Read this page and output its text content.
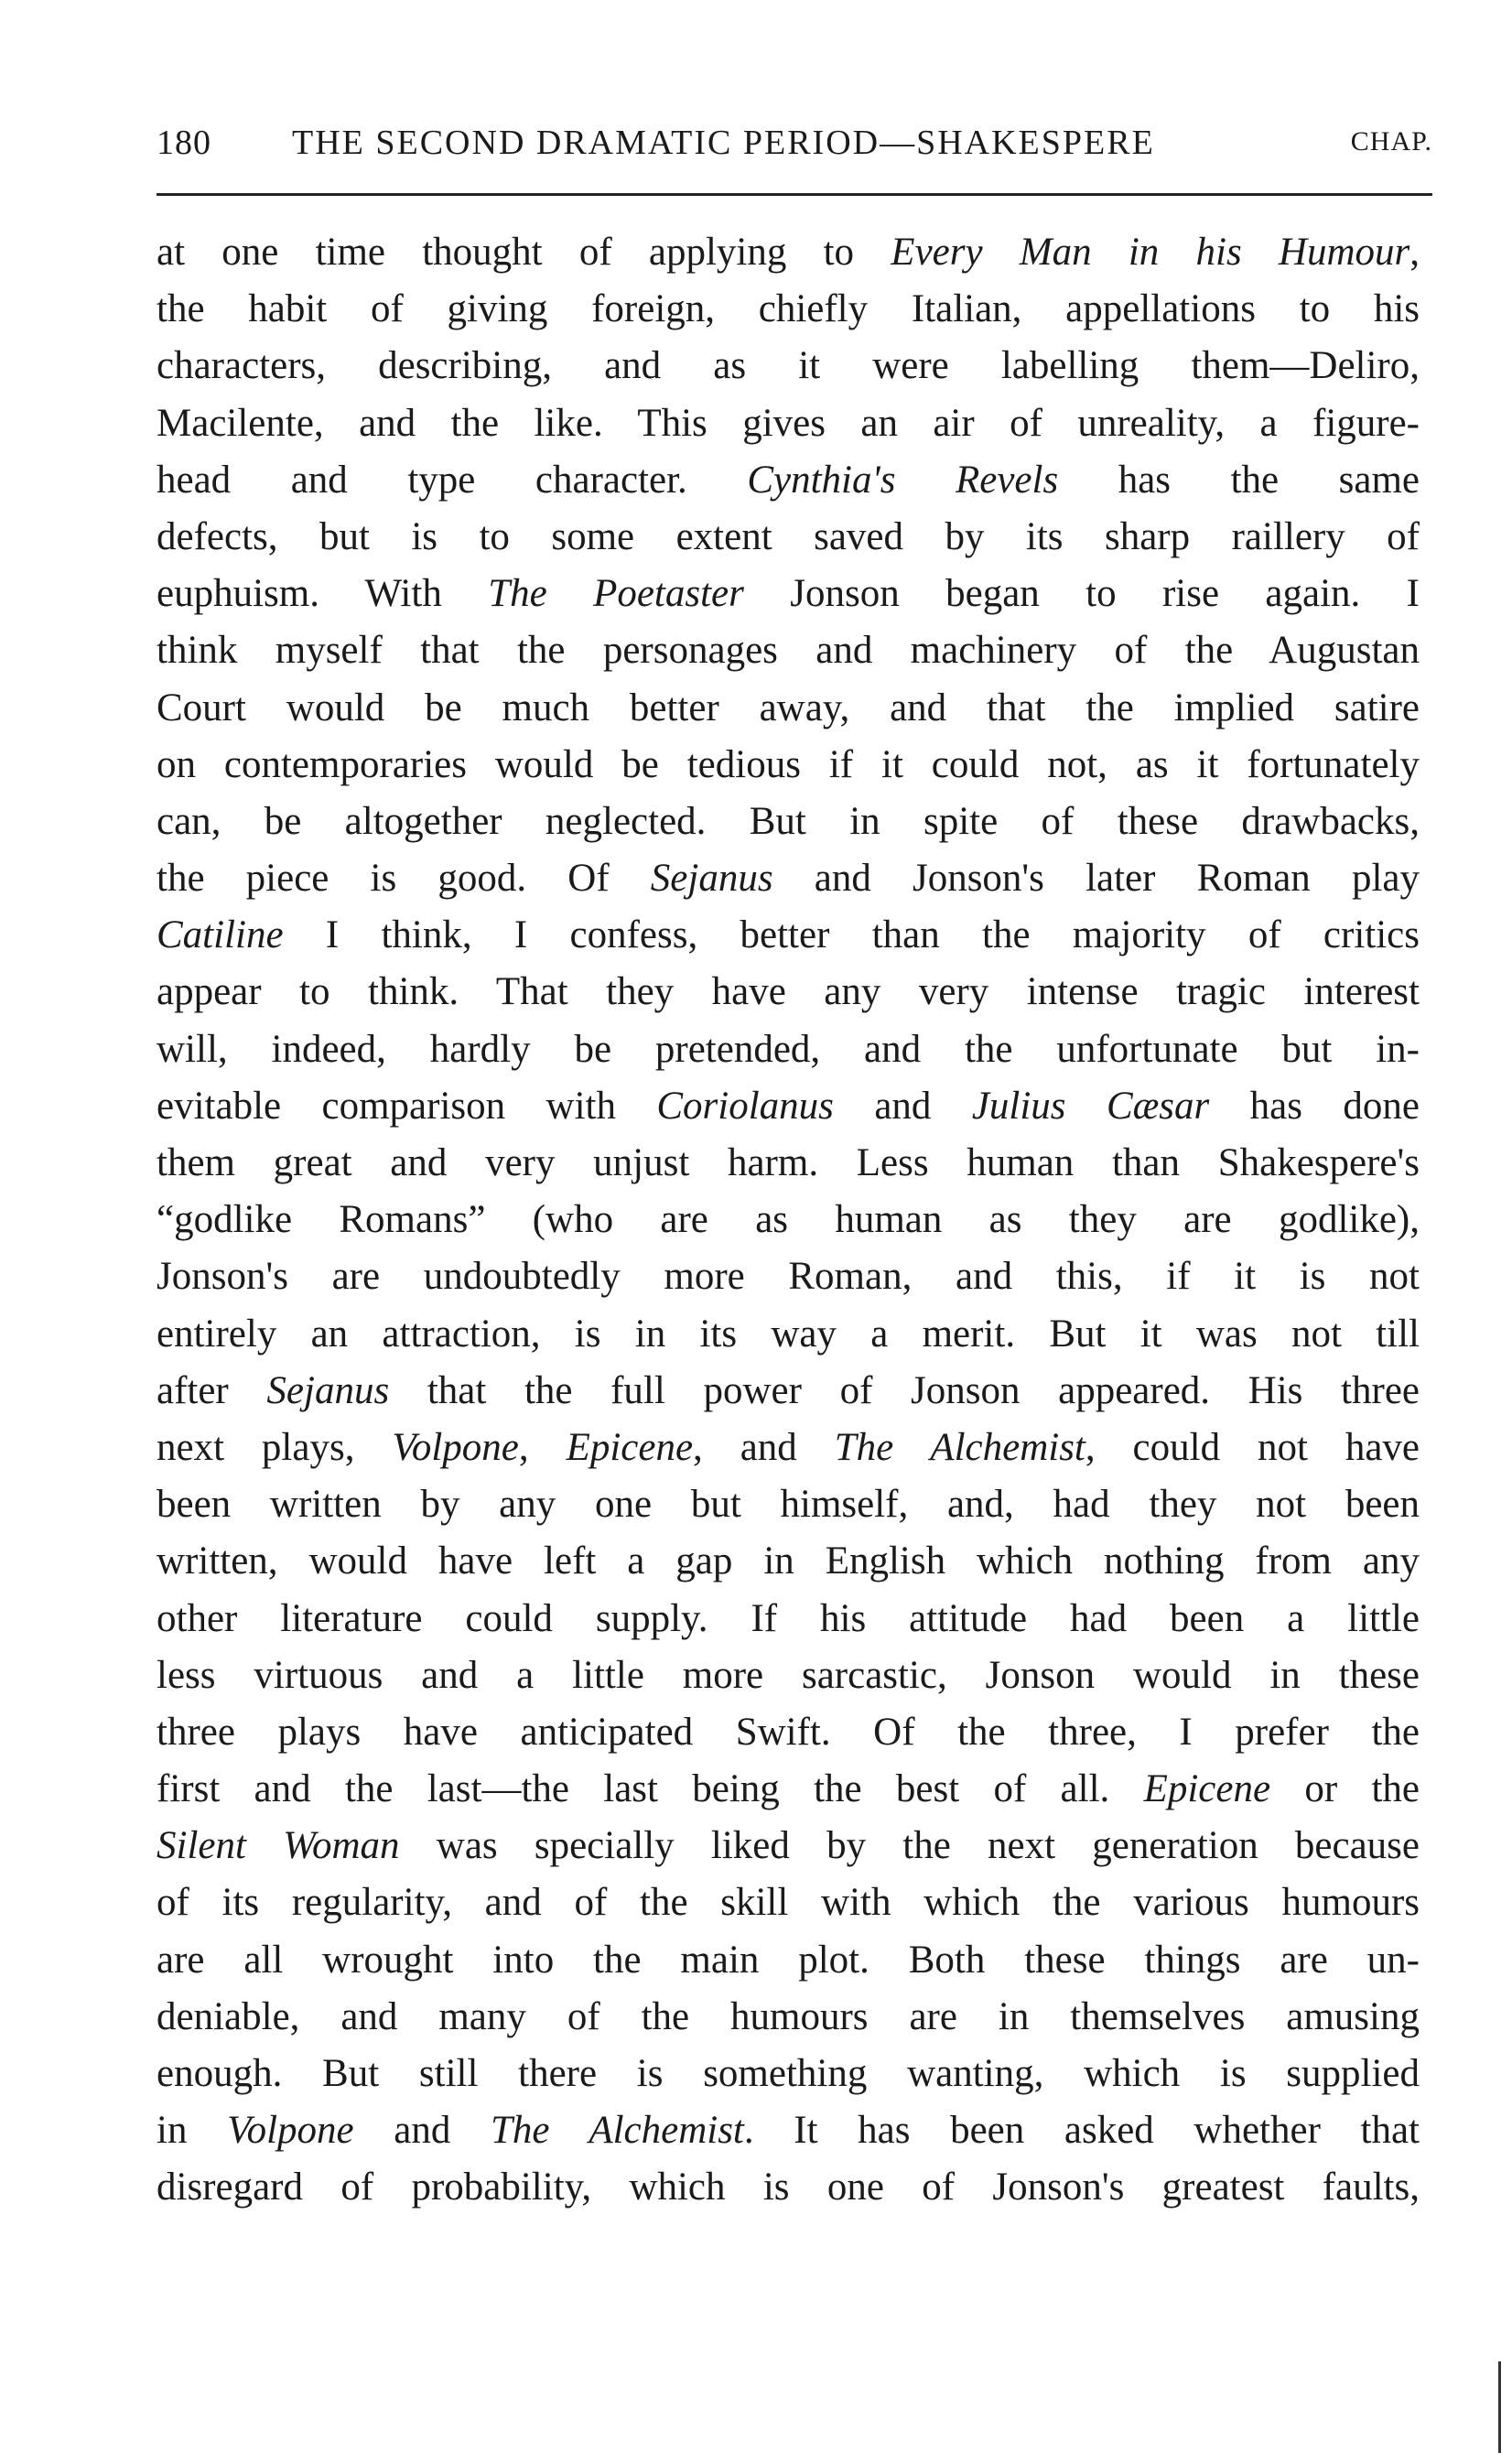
180 THE SECOND DRAMATIC PERIOD—SHAKESPERE	CHAP.
at one time thought of applying to Every Man in his Humour,
the habit of giving foreign, chiefly Italian, appellations to his
characters, describing, and as it were labelling them—Deliro,
Macilente, and the like. This gives an air of unreality, a figure-
head and type character. Cynthia's Revels has the same
defects, but is to some extent saved by its sharp raillery of
euphuism. With The Poetaster Jonson began to rise again. I
think myself that the personages and machinery of the Augustan
Court would be much better away, and that the implied satire
on contemporaries would be tedious if it could not, as it fortunately
can, be altogether neglected. But in spite of these drawbacks,
the piece is good. Of Sejanus and Jonson's later Roman play
Catiline I think, I confess, better than the majority of critics
appear to think. That they have any very intense tragic interest
will, indeed, hardly be pretended, and the unfortunate but in-
evitable comparison with Coriolanus and Julius Cæsar has done
them great and very unjust harm. Less human than Shakespere's
“godlike Romans” (who are as human as they are godlike),
Jonson's are undoubtedly more Roman, and this, if it is not
entirely an attraction, is in its way a merit. But it was not till
after Sejanus that the full power of Jonson appeared. His three
next plays, Volpone, Epicene, and The Alchemist, could not have
been written by any one but himself, and, had they not been
written, would have left a gap in English which nothing from any
other literature could supply. If his attitude had been a little
less virtuous and a little more sarcastic, Jonson would in these
three plays have anticipated Swift. Of the three, I prefer the
first and the last—the last being the best of all. Epicene or the
Silent Woman was specially liked by the next generation because
of its regularity, and of the skill with which the various humours
are all wrought into the main plot. Both these things are un-
deniable, and many of the humours are in themselves amusing
enough. But still there is something wanting, which is supplied
in Volpone and The Alchemist. It has been asked whether that
disregard of probability, which is one of Jonson's greatest faults,
